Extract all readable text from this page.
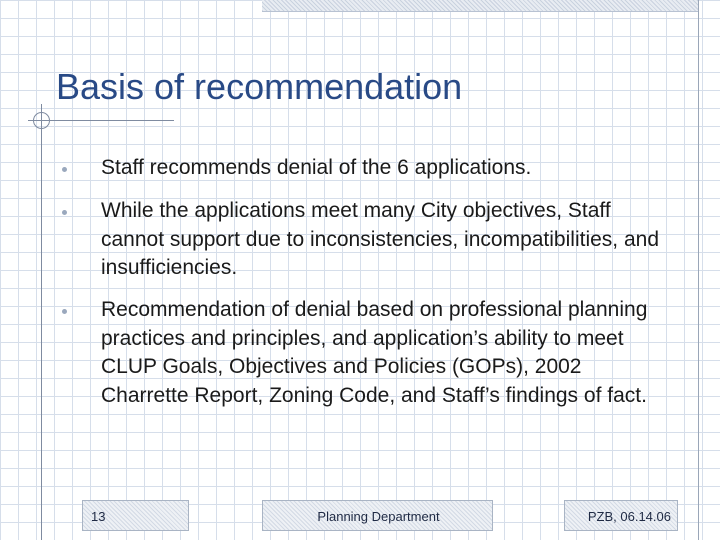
Basis of recommendation
Staff recommends denial of the 6 applications.
While the applications meet many City objectives, Staff cannot support due to inconsistencies, incompatibilities, and insufficiencies.
Recommendation of denial based on professional planning practices and principles, and application’s ability to meet CLUP Goals, Objectives and Policies (GOPs), 2002 Charrette Report, Zoning Code, and Staff’s findings of fact.
13	Planning Department	PZB, 06.14.06
